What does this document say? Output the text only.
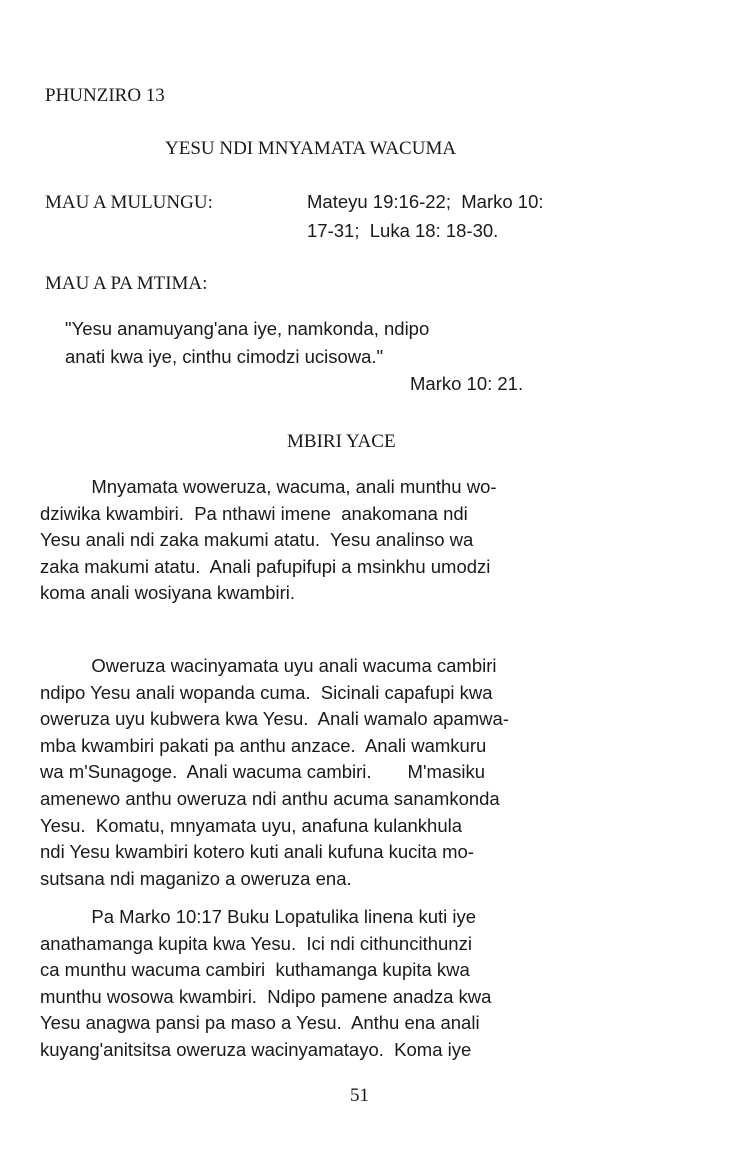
PHUNZIRO 13
YESU NDI MNYAMATA WACUMA
MAU A MULUNGU:	Mateyu 19:16-22;  Marko 10:
17-31;  Luka 18: 18-30.
MAU A PA MTIMA:
"Yesu anamuyang'ana iye, namkonda, ndipo
anati kwa iye, cinthu cimodzi ucisowa."
Marko 10: 21.
MBIRI YACE
Mnyamata woweruza, wacuma, anali munthu wo-
dziwika kwambiri.  Pa nthawi imene  anakomana ndi
Yesu anali ndi zaka makumi atatu.  Yesu analinso wa
zaka makumi atatu.  Anali pafupifupi a msinkhu umodzi
koma anali wosiyana kwambiri.
Oweruza wacinyamata uyu anali wacuma cambiri
ndipo Yesu anali wopanda cuma.  Sicinali capafupi kwa
oweruza uyu kubwera kwa Yesu.  Anali wamalo apamwa-
mba kwambiri pakati pa anthu anzace.  Anali wamkuru
wa m'Sunagoge.  Anali wacuma cambiri.       M'masiku
amenewo anthu oweruza ndi anthu acuma sanamkonda
Yesu.  Komatu, mnyamata uyu, anafuna kulankhula
ndi Yesu kwambiri kotero kuti anali kufuna kucita mo-
sutsana ndi maganizo a oweruza ena.
Pa Marko 10:17 Buku Lopatulika linena kuti iye
anathamanga kupita kwa Yesu.  Ici ndi cithuncithunzi
ca munthu wacuma cambiri  kuthamanga kupita kwa
munthu wosowa kwambiri.  Ndipo pamene anadza kwa
Yesu anagwa pansi pa maso a Yesu.  Anthu ena anali
kuyang'anitsitsa oweruza wacinyamatayo.  Koma iye
51
